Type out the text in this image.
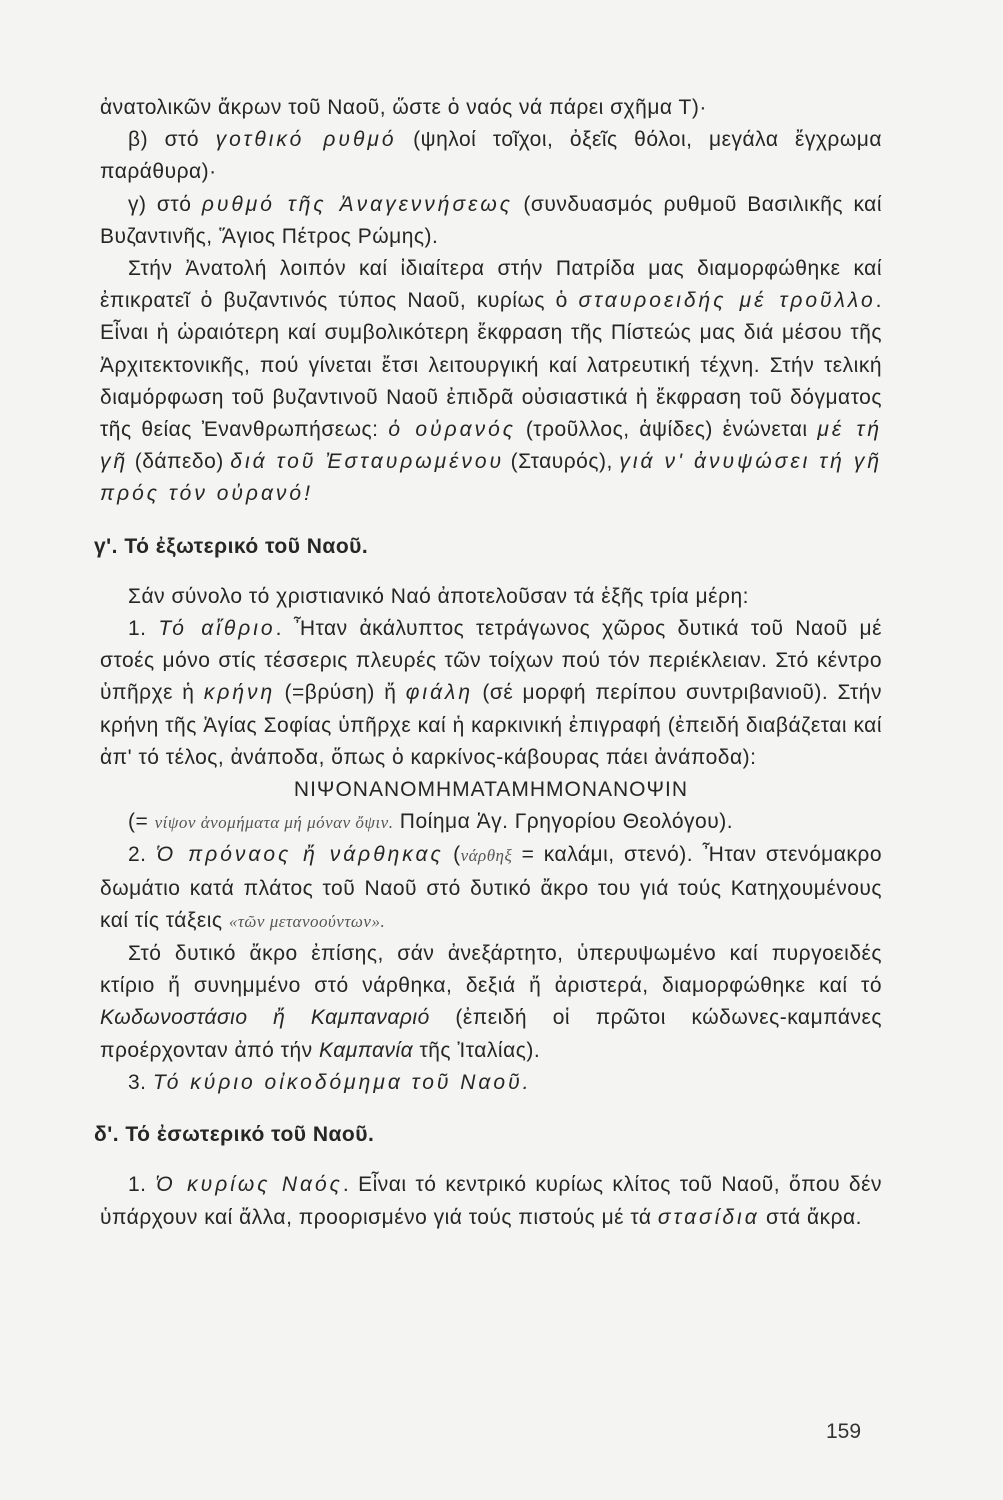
ἀνατολικῶν ἄκρων τοῦ Ναοῦ, ὥστε ὁ ναός νά πάρει σχῆμα Τ)·

β) στό γοτθικό ρυθμό (ψηλοί τοῖχοι, ὀξεῖς θόλοι, μεγάλα ἔγχρωμα παράθυρα)·

γ) στό ρυθμό τῆς Ἀναγεννήσεως (συνδυασμός ρυθμοῦ Βασιλικῆς καί Βυζαντινῆς, Ἅγιος Πέτρος Ρώμης).

Στήν Ἀνατολή λοιπόν καί ἰδιαίτερα στήν Πατρίδα μας διαμορφώθηκε καί ἐπικρατεῖ ὁ βυζαντινός τύπος Ναοῦ, κυρίως ὁ σταυροειδής μέ τροῦλλο. Εἶναι ἡ ὡραιότερη καί συμβολικότερη ἔκφραση τῆς Πίστεώς μας διά μέσου τῆς Ἀρχιτεκτονικῆς, πού γίνεται ἔτσι λειτουργική καί λατρευτική τέχνη. Στήν τελική διαμόρφωση τοῦ βυζαντινοῦ Ναοῦ ἐπιδρᾶ οὐσιαστικά ἡ ἔκφραση τοῦ δόγματος τῆς θείας Ἐνανθρωπήσεως: ὁ οὐρανός (τροῦλλος, ἁψίδες) ἑνώνεται μέ τή γῆ (δάπεδο) διά τοῦ Ἐσταυρωμένου (Σταυρός), γιά ν' ἀνυψώσει τή γῆ πρός τόν οὐρανό!

γ'. Τό ἐξωτερικό τοῦ Ναοῦ.

Σάν σύνολο τό χριστιανικό Ναό ἀποτελοῦσαν τά ἑξῆς τρία μέρη:

1. Τό αἴθριο. Ἦταν ἀκάλυπτος τετράγωνος χῶρος δυτικά τοῦ Ναοῦ μέ στοές μόνο στίς τέσσερις πλευρές τῶν τοίχων πού τόν περιέκλειαν. Στό κέντρο ὑπῆρχε ἡ κρήνη (=βρύση) ἤ φιάλη (σέ μορφή περίπου συντριβανιοῦ). Στήν κρήνη τῆς Ἁγίας Σοφίας ὑπῆρχε καί ἡ καρκινική ἐπιγραφή (ἐπειδή διαβάζεται καί ἀπ' τό τέλος, ἀνάποδα, ὅπως ὁ καρκίνος-κάβουρας πάει ἀνάποδα):

ΝΙΨΟΝΑΝΟΜΗΜΑΤΑΜΗΜΟΝΑΝΟΨΙΝ

(= νίψον ἀνομήματα μή μόναν ὄψιν. Ποίημα Ἁγ. Γρηγορίου Θεολόγου).

2. Ὁ πρόναος ἤ νάρθηκας (νάρθηξ = καλάμι, στενό). Ἦταν στενόμακρο δωμάτιο κατά πλάτος τοῦ Ναοῦ στό δυτικό ἄκρο του γιά τούς Κατηχουμένους καί τίς τάξεις «τῶν μετανοούντων».

Στό δυτικό ἄκρο ἐπίσης, σάν ἀνεξάρτητο, ὑπερυψωμένο καί πυργοειδές κτίριο ἤ συνημμένο στό νάρθηκα, δεξιά ἤ ἀριστερά, διαμορφώθηκε καί τό Κωδωνοστάσιο ἤ Καμπαναριό (ἐπειδή οἱ πρῶτοι κώδωνες-καμπάνες προέρχονταν ἀπό τήν Καμπανία τῆς Ἰταλίας).

3. Τό κύριο οἰκοδόμημα τοῦ Ναοῦ.

δ'. Τό ἐσωτερικό τοῦ Ναοῦ.

1. Ὁ κυρίως Ναός. Εἶναι τό κεντρικό κυρίως κλίτος τοῦ Ναοῦ, ὅπου δέν ὑπάρχουν καί ἄλλα, προορισμένο γιά τούς πιστούς μέ τά στασίδια στά ἄκρα.

159
